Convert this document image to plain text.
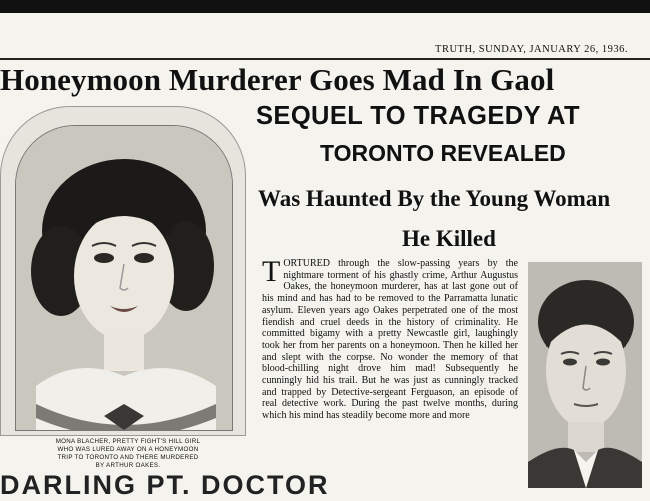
TRUTH, SUNDAY, JANUARY 26, 1936.
Honeymoon Murderer Goes Mad In Gaol
SEQUEL TO TRAGEDY AT
TORONTO REVEALED
Was Haunted By the Young Woman
He Killed
TORTURED through the slow-passing years by the nightmare torment of his ghastly crime, Arthur Augustus Oakes, the honeymoon murderer, has at last gone out of his mind and has had to be removed to the Parramatta lunatic asylum. Eleven years ago Oakes perpetrated one of the most fiendish and cruel deeds in the history of criminality. He committed bigamy with a pretty Newcastle girl, laughingly took her from her parents on a honeymoon. Then he killed her and slept with the corpse. No wonder the memory of that blood-chilling night drove him mad! Subsequently he cunningly hid his trail. But he was just as cunningly tracked and trapped by Detective-sergeant Ferguason, an episode of real detective work. During the past twelve months, during which his mind has steadily become more and more
MONA BLACHER, PRETTY FIGHT'S HILL GIRL
WHO WAS LURED AWAY ON A HONEYMOON
TRIP TO TORONTO AND THERE MURDERED
BY ARTHUR OAKES.
DARLING PT. DOCTOR
